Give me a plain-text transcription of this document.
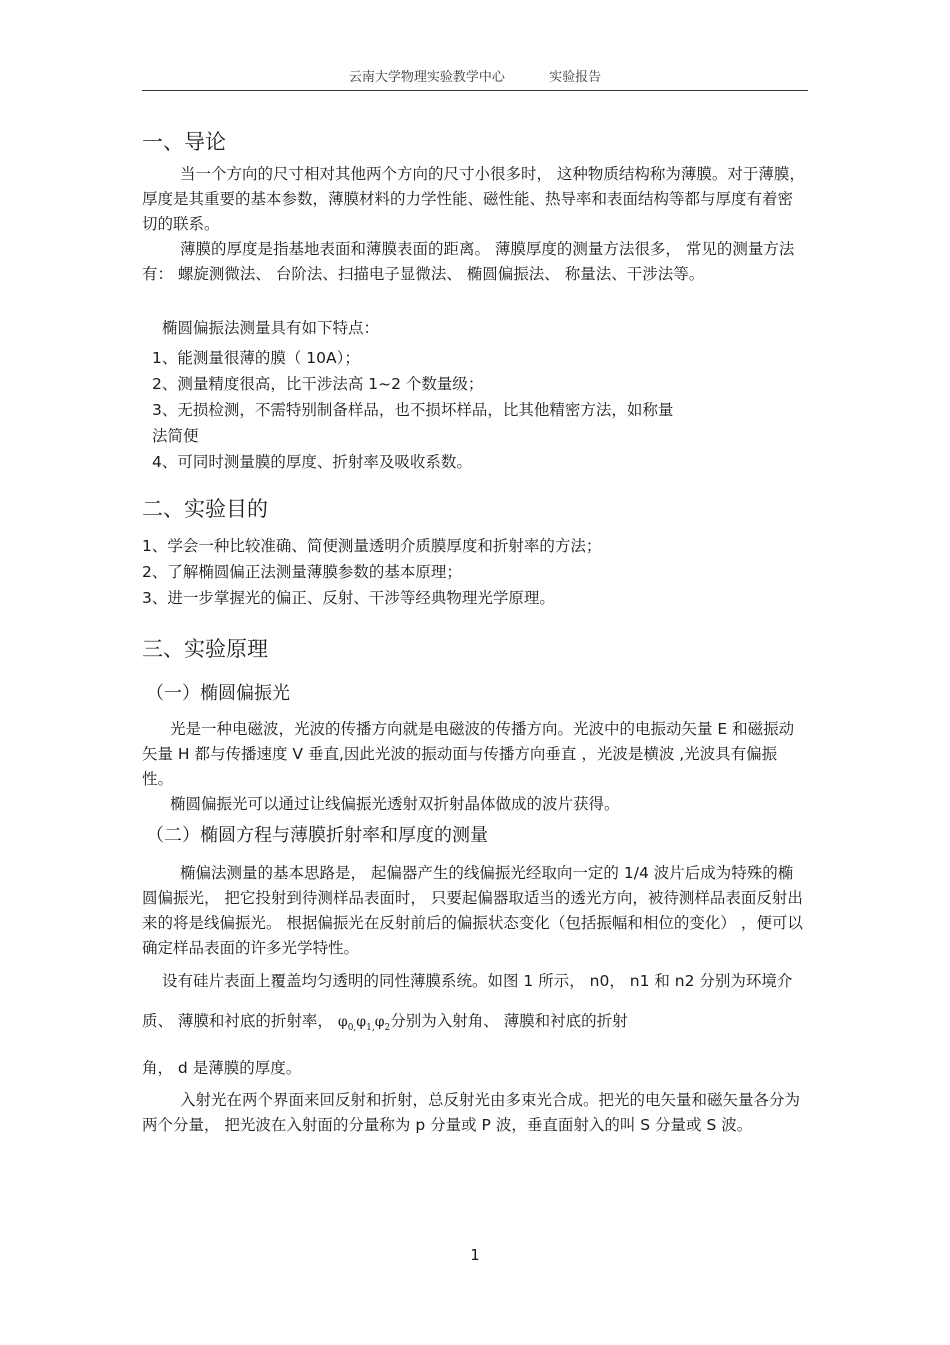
云南大学物理实验教学中心	实验报告
一、导论

当一个方向的尺寸相对其他两个方向的尺寸小很多时， 这种物质结构称为薄膜。对于薄膜，厚度是其重要的基本参数，薄膜材料的力学性能、磁性能、热导率和表面结构等都与厚度有着密切的联系。

薄膜的厚度是指基地表面和薄膜表面的距离。 薄膜厚度的测量方法很多， 常见的测量方法有： 螺旋测微法、 台阶法、扫描电子显微法、 椭圆偏振法、 称量法、干涉法等。

椭圆偏振法测量具有如下特点：

1、能测量很薄的膜（ 10A）；
2、测量精度很高，比干涉法高 1~2 个数量级；
3、无损检测，不需特别制备样品，也不损坏样品，比其他精密方法，如称量
法简便
4、可同时测量膜的厚度、折射率及吸收系数。
二、实验目的
1、学会一种比较准确、简便测量透明介质膜厚度和折射率的方法；
2、了解椭圆偏正法测量薄膜参数的基本原理；
3、进一步掌握光的偏正、反射、干涉等经典物理光学原理。
三、实验原理
（一）椭圆偏振光

光是一种电磁波，光波的传播方向就是电磁波的传播方向。光波中的电振动矢量 E 和磁振动矢量 H 都与传播速度 V 垂直,因此光波的振动面与传播方向垂直 ，光波是横波 ,光波具有偏振性。

椭圆偏振光可以通过让线偏振光透射双折射晶体做成的波片获得。

（二）椭圆方程与薄膜折射率和厚度的测量

椭偏法测量的基本思路是， 起偏器产生的线偏振光经取向一定的 1/4 波片后成为特殊的椭圆偏振光， 把它投射到待测样品表面时， 只要起偏器取适当的透光方向，被待测样品表面反射出来的将是线偏振光。 根据偏振光在反射前后的偏振状态变化（包括振幅和相位的变化） ，便可以确定样品表面的许多光学特性。

设有硅片表面上覆盖均匀透明的同性薄膜系统。如图 1 所示， n0， n1 和 n2 分别为环境介质、 薄膜和衬底的折射率， $\varphi_{0,}\varphi_{1,}\varphi_2$分别为入射角、 薄膜和衬底的折射

角， d 是薄膜的厚度。

入射光在两个界面来回反射和折射，总反射光由多束光合成。把光的电矢量和磁矢量各分为两个分量， 把光波在入射面的分量称为 p 分量或 P 波，垂直面射入的叫 S 分量或 S 波。

1
